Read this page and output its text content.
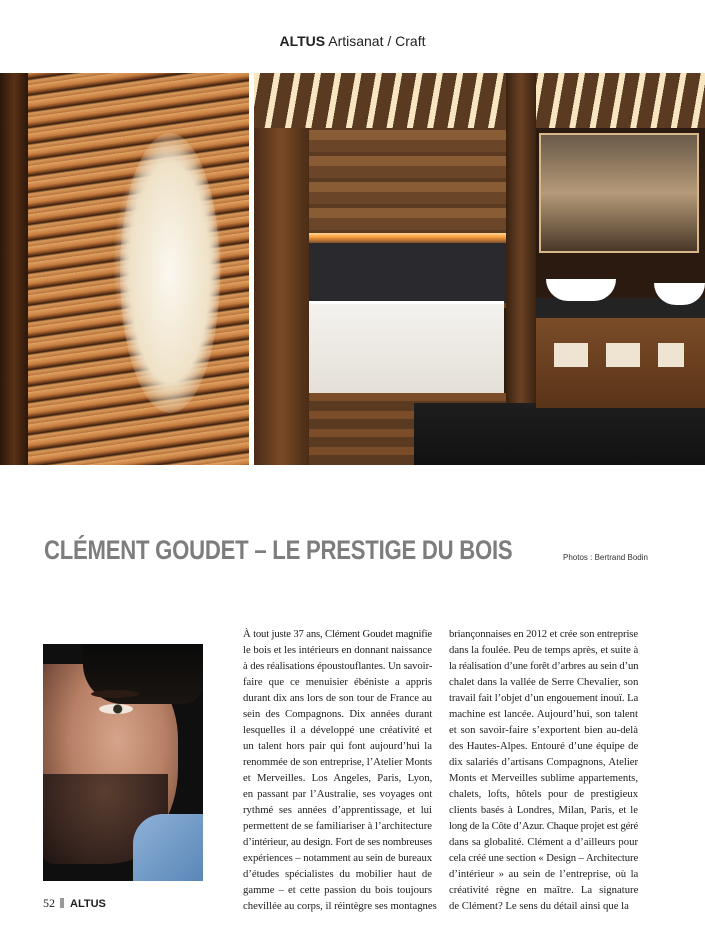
ALTUS Artisanat / Craft
CLÉMENT GOUDET – LE PRESTIGE DU BOIS	Photos : Bertrand Bodin
À tout juste 37 ans, Clément Goudet magnifie
le bois et les intérieurs en donnant naissance
à des réalisations époustouflantes. Un savoir-
faire que ce menuisier ébéniste a appris
durant dix ans lors de son tour de France au
sein des Compagnons. Dix années durant
lesquelles il a développé une créativité et
un talent hors pair qui font aujourd’hui la
renommée de son entreprise, l’Atelier Monts
et Merveilles. Los Angeles, Paris, Lyon,
en passant par l’Australie, ses voyages ont
rythmé ses années d’apprentissage, et lui
permettent de se familiariser à l’architecture
d’intérieur, au design. Fort de ses nombreuses
expériences – notamment au sein de bureaux
d’études spécialistes du mobilier haut de
gamme – et cette passion du bois toujours
chevillée au corps, il réintègre ses montagnes
briançonnaises en 2012 et crée son entreprise
dans la foulée. Peu de temps après, et suite à
la réalisation d’une forêt d’arbres au sein d’un
chalet dans la vallée de Serre Chevalier, son
travail fait l’objet d’un engouement inouï. La
machine est lancée. Aujourd’hui, son talent
et son savoir-faire s’exportent bien au-delà
des Hautes-Alpes. Entouré d’une équipe de
dix salariés d’artisans Compagnons, Atelier
Monts et Merveilles sublime appartements,
chalets, lofts, hôtels pour de prestigieux
clients basés à Londres, Milan, Paris, et le
long de la Côte d’Azur. Chaque projet est géré
dans sa globalité. Clément a d’ailleurs pour
cela créé une section « Design – Architecture
d’intérieur » au sein de l’entreprise, où la
créativité règne en maître. La signature
de Clément? Le sens du détail ainsi que la
52 ALTUS
